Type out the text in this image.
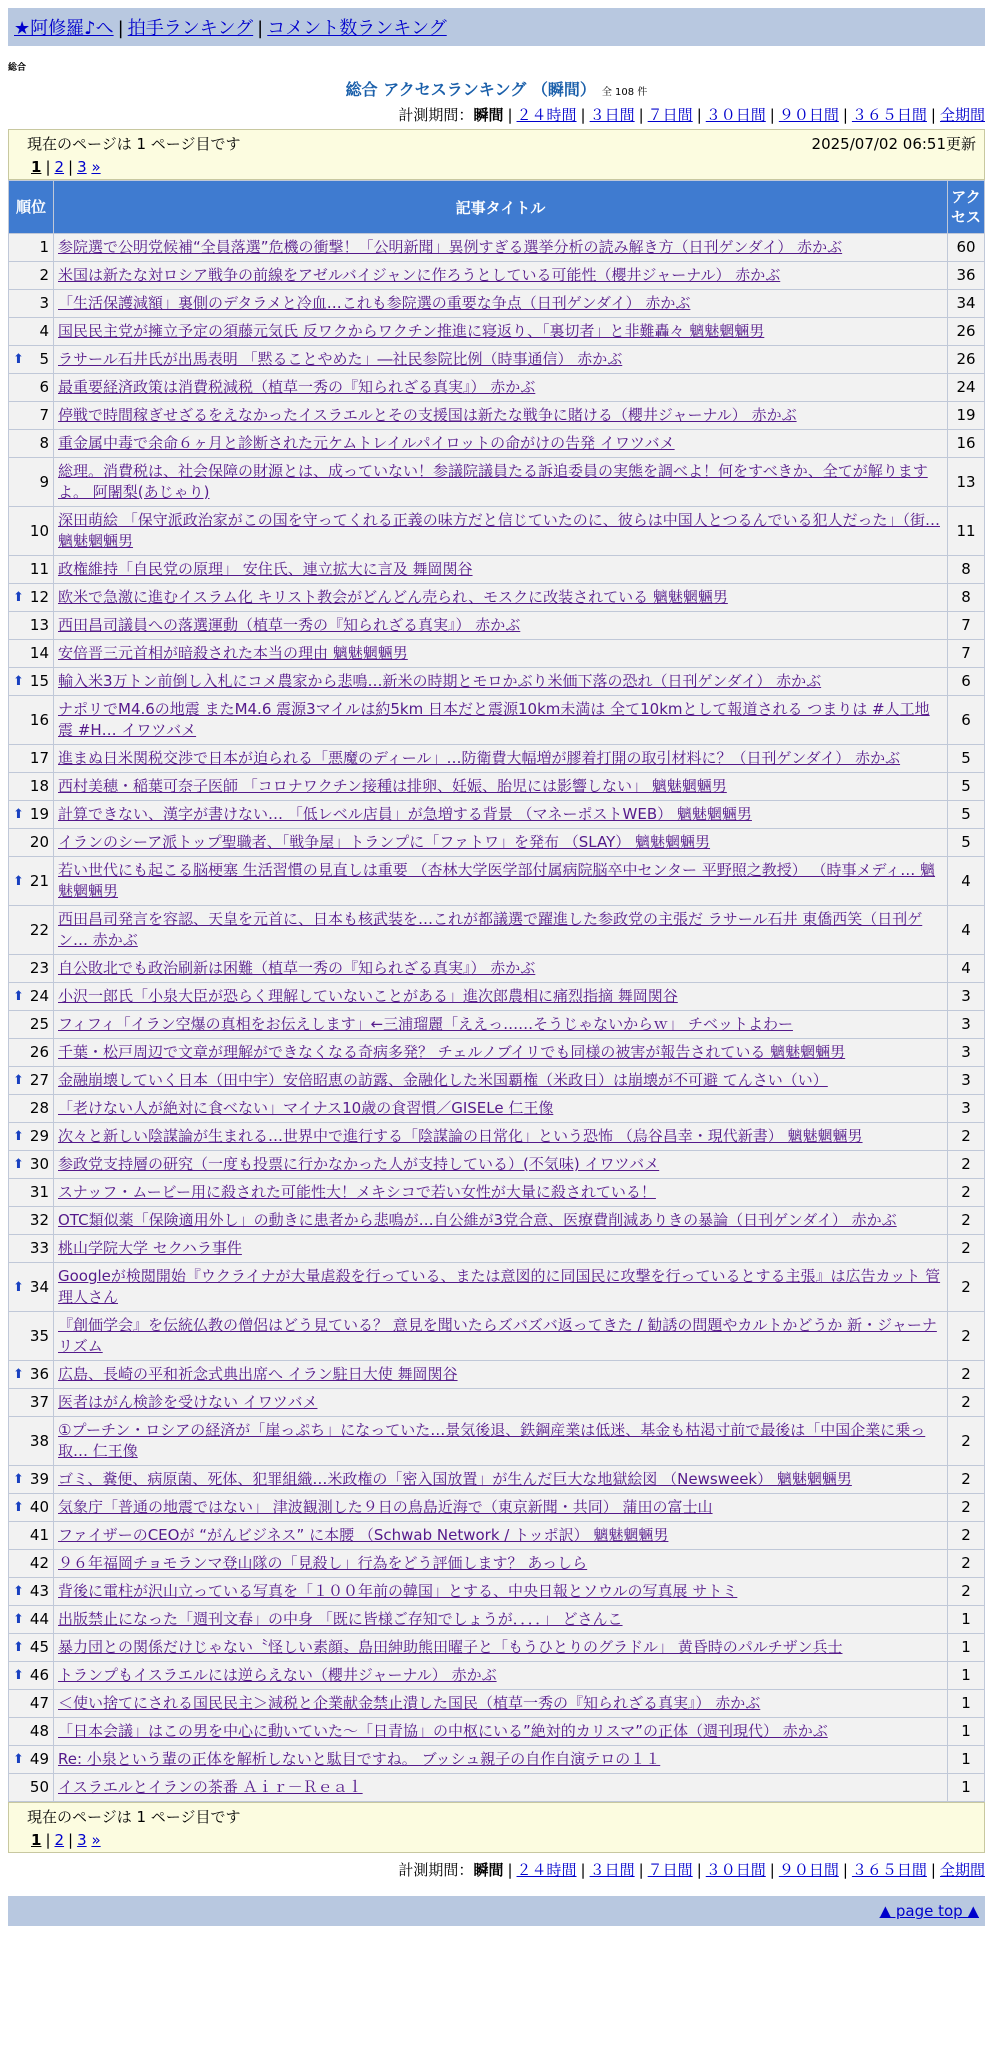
★阿修羅♪へ | 拍手ランキング | コメント数ランキング
総合
総合 アクセスランキング （瞬間） 全 108 件
計測期間：瞬間 | ２４時間 | ３日間 | ７日間 | ３０日間 | ９０日間 | ３６５日間 | 全期間
現在のページは 1 ページ目です	2025/07/02 06:51更新
1 | 2 | 3 »
順位	記事タイトル	アクセス
1	参院選で公明党候補“全員落選”危機の衝撃！「公明新聞」異例すぎる選挙分析の読み解き方（日刊ゲンダイ） 赤かぶ	60
2	米国は新たな対ロシア戦争の前線をアゼルバイジャンに作ろうとしている可能性（櫻井ジャーナル） 赤かぶ	36
3	「生活保護減額」裏側のデタラメと冷血…これも参院選の重要な争点（日刊ゲンダイ） 赤かぶ	34
4	国民民主党が擁立予定の須藤元気氏 反ワクからワクチン推進に寝返り、「裏切者」と非難轟々 魑魅魍魎男	26

⬆ 5	ラサール石井氏が出馬表明 「黙ることやめた」―社民参院比例（時事通信） 赤かぶ	26
6	最重要経済政策は消費税減税（植草一秀の『知られざる真実』） 赤かぶ	24
7	停戦で時間稼ぎせざるをえなかったイスラエルとその支援国は新たな戦争に賭ける（櫻井ジャーナル） 赤かぶ	19
8	重金属中毒で余命６ヶ月と診断された元ケムトレイルパイロットの命がけの告発 イワツバメ	16
9	総理。消費税は、社会保障の財源とは、成っていない！参議院議員たる訴追委員の実態を調べよ！何をすべきか、全てが解りますよ。 阿闍梨(あじゃり)	13
10	深田萌絵 「保守派政治家がこの国を守ってくれる正義の味方だと信じていたのに、彼らは中国人とつるんでいる犯人だった」（街… 魑魅魍魎男	11
11	政権維持「自民党の原理」 安住氏、連立拡大に言及 舞岡関谷	8

⬆ 12	欧米で急激に進むイスラム化 キリスト教会がどんどん売られ、モスクに改装されている 魑魅魍魎男	8
13	西田昌司議員への落選運動（植草一秀の『知られざる真実』） 赤かぶ	7
14	安倍晋三元首相が暗殺された本当の理由 魑魅魍魎男	7

⬆ 15	輸入米3万トン前倒し入札にコメ農家から悲鳴…新米の時期とモロかぶり米価下落の恐れ（日刊ゲンダイ） 赤かぶ	6
16	ナポリでM4.6の地震 またM4.6 震源3マイルは約5km 日本だと震源10km未満は 全て10kmとして報道される つまりは #人工地震 #H… イワツバメ	6
17	進まぬ日米関税交渉で日本が迫られる「悪魔のディール」…防衛費大幅増が膠着打開の取引材料に？（日刊ゲンダイ） 赤かぶ	5
18	西村美穂・稲葉可奈子医師 「コロナワクチン接種は排卵、妊娠、胎児には影響しない」 魑魅魍魎男	5

⬆ 19	計算できない、漢字が書けない… 「低レベル店員」が急増する背景 （マネーポストWEB） 魑魅魍魎男	5
20	イランのシーア派トップ聖職者、「戦争屋」トランプに「ファトワ」を発布 （SLAY） 魑魅魍魎男	5

⬆ 21	若い世代にも起こる脳梗塞 生活習慣の見直しは重要 （杏林大学医学部付属病院脳卒中センター 平野照之教授） （時事メディ… 魑魅魍魎男	4
22	西田昌司発言を容認、天皇を元首に、日本も核武装を…これが都議選で躍進した参政党の主張だ ラサール石井 東僑西笑（日刊ゲン… 赤かぶ	4
23	自公敗北でも政治刷新は困難（植草一秀の『知られざる真実』） 赤かぶ	4

⬆ 24	小沢一郎氏「小泉大臣が恐らく理解していないことがある」進次郎農相に痛烈指摘 舞岡関谷	3
25	フィフィ「イラン空爆の真相をお伝えします」←三浦瑠麗「ええっ……そうじゃないからｗ」 チベットよわー	3
26	千葉・松戸周辺で文章が理解ができなくなる奇病多発？ チェルノブイリでも同様の被害が報告されている 魑魅魍魎男	3

⬆ 27	金融崩壊していく日本（田中宇）安倍昭恵の訪露、金融化した米国覇権（米政日）は崩壊が不可避 てんさい（い）	3
28	「老けない人が絶対に食べない」マイナス10歳の食習慣／GISELe 仁王像	3

⬆ 29	次々と新しい陰謀論が生まれる…世界中で進行する「陰謀論の日常化」という恐怖 （烏谷昌幸・現代新書） 魑魅魍魎男	2

⬆ 30	参政党支持層の研究（一度も投票に行かなかった人が支持している）(不気味) イワツバメ	2
31	スナッフ・ムービー用に殺された可能性大！メキシコで若い女性が大量に殺されている！	2
32	OTC類似薬「保険適用外し」の動きに患者から悲鳴が…自公維が3党合意、医療費削減ありきの暴論（日刊ゲンダイ） 赤かぶ	2
33	桃山学院大学 セクハラ事件	2

⬆ 34	Googleが検閲開始『ウクライナが大量虐殺を行っている、または意図的に同国民に攻撃を行っているとする主張』は広告カット 管理人さん	2
35	『創価学会』を伝統仏教の僧侶はどう見ている？ 意見を聞いたらズバズバ返ってきた / 勧誘の問題やカルトかどうか 新・ジャーナリズム	2

⬆ 36	広島、長崎の平和祈念式典出席へ イラン駐日大使 舞岡関谷	2
37	医者はがん検診を受けない イワツバメ	2
38	①プーチン・ロシアの経済が「崖っぷち」になっていた…景気後退、鉄鋼産業は低迷、基金も枯渇寸前で最後は「中国企業に乗っ取… 仁王像	2

⬆ 39	ゴミ、糞便、病原菌、死体、犯罪組織…米政権の「密入国放置」が生んだ巨大な地獄絵図 （Newsweek） 魑魅魍魎男	2

⬆ 40	気象庁「普通の地震ではない」 津波観測した９日の鳥島近海で（東京新聞・共同） 蒲田の富士山	2
41	ファイザーのCEOが “がんビジネス” に本腰 （Schwab Network / トッポ訳） 魑魅魍魎男	2
42	９６年福岡チョモランマ登山隊の「見殺し」行為をどう評価します？ あっしら	2

⬆ 43	背後に電柱が沢山立っている写真を「１００年前の韓国」とする、中央日報とソウルの写真展 サトミ	2

⬆ 44	出版禁止になった「週刊文春」の中身 「既に皆様ご存知でしょうが．．．．」 どさんこ	1

⬆ 45	暴力団との関係だけじゃない〝怪しい素顔〟島田紳助熊田曜子と「もうひとりのグラドル」 黄昏時のパルチザン兵士	1

⬆ 46	トランプもイスラエルには逆らえない（櫻井ジャーナル） 赤かぶ	1
47	＜使い捨てにされる国民民主＞減税と企業献金禁止潰した国民（植草一秀の『知られざる真実』） 赤かぶ	1
48	「日本会議」はこの男を中心に動いていた〜「日青協」の中枢にいる”絶対的カリスマ”の正体（週刊現代） 赤かぶ	1

⬆ 49	Re: 小泉という輩の正体を解析しないと駄目ですね。 ブッシュ親子の自作自演テロの１１	1
50	イスラエルとイランの茶番 Ａｉｒ－Ｒｅａｌ	1
現在のページは 1 ページ目です
1 | 2 | 3 »
計測期間：瞬間 | ２４時間 | ３日間 | ７日間 | ３０日間 | ９０日間 | ３６５日間 | 全期間
▲ page top ▲
